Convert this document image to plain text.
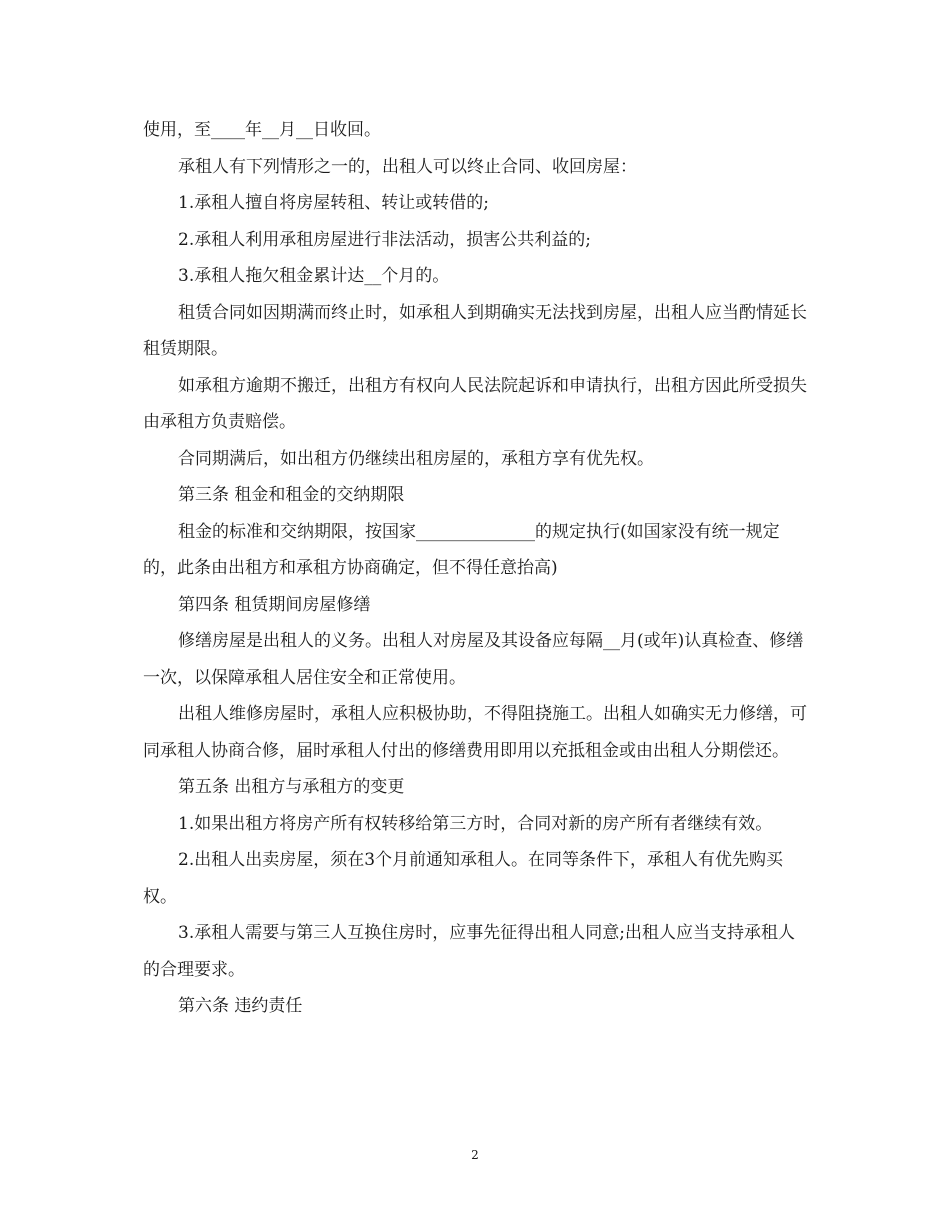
使用，至____年__月__日收回。

承租人有下列情形之一的，出租人可以终止合同、收回房屋：

1.承租人擅自将房屋转租、转让或转借的;

2.承租人利用承租房屋进行非法活动，损害公共利益的;

3.承租人拖欠租金累计达__个月的。

租赁合同如因期满而终止时，如承租人到期确实无法找到房屋，出租人应当酌情延长租赁期限。

如承租方逾期不搬迁，出租方有权向人民法院起诉和申请执行，出租方因此所受损失由承租方负责赔偿。

合同期满后，如出租方仍继续出租房屋的，承租方享有优先权。

第三条 租金和租金的交纳期限

租金的标准和交纳期限，按国家______________的规定执行(如国家没有统一规定的，此条由出租方和承租方协商确定，但不得任意抬高)

第四条 租赁期间房屋修缮

修缮房屋是出租人的义务。出租人对房屋及其设备应每隔__月(或年)认真检查、修缮一次，以保障承租人居住安全和正常使用。

出租人维修房屋时，承租人应积极协助，不得阻挠施工。出租人如确实无力修缮，可同承租人协商合修，届时承租人付出的修缮费用即用以充抵租金或由出租人分期偿还。

第五条 出租方与承租方的变更

1.如果出租方将房产所有权转移给第三方时，合同对新的房产所有者继续有效。

2.出租人出卖房屋，须在3个月前通知承租人。在同等条件下，承租人有优先购买权。

3.承租人需要与第三人互换住房时，应事先征得出租人同意;出租人应当支持承租人的合理要求。

第六条 违约责任

2
